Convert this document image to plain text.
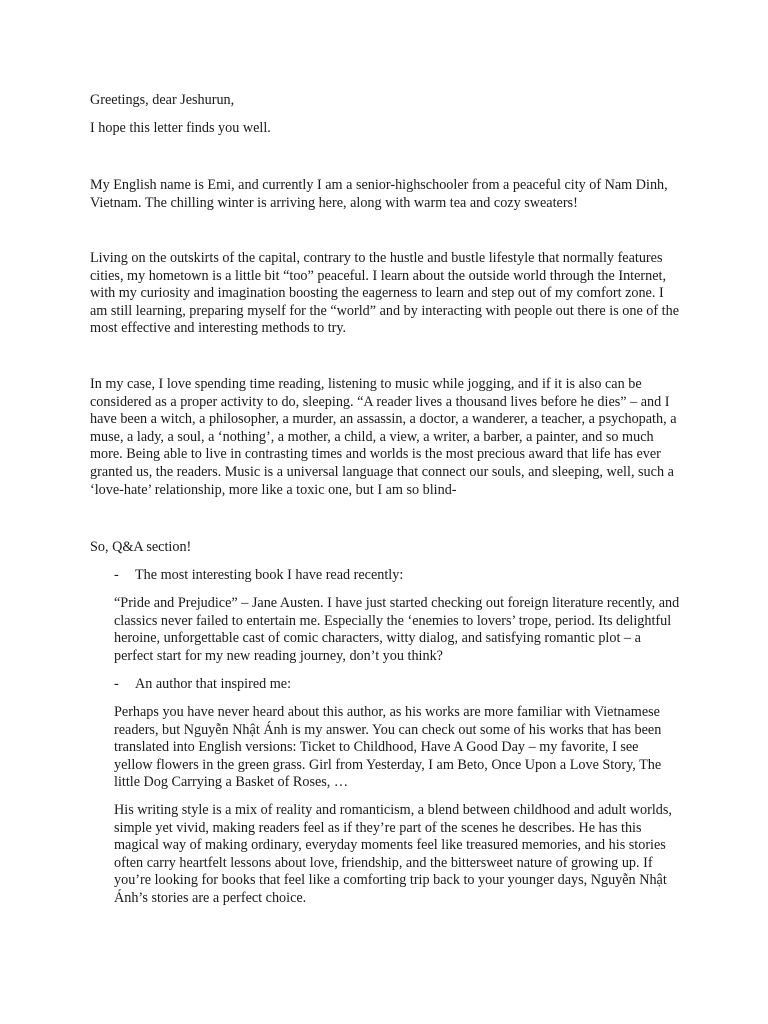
Greetings, dear Jeshurun,

I hope this letter finds you well.

My English name is Emi, and currently I am a senior-highschooler from a peaceful city of Nam Dinh, Vietnam. The chilling winter is arriving here, along with warm tea and cozy sweaters!

Living on the outskirts of the capital, contrary to the hustle and bustle lifestyle that normally features cities, my hometown is a little bit “too” peaceful. I learn about the outside world through the Internet, with my curiosity and imagination boosting the eagerness to learn and step out of my comfort zone. I am still learning, preparing myself for the “world” and by interacting with people out there is one of the most effective and interesting methods to try.

In my case, I love spending time reading, listening to music while jogging, and if it is also can be considered as a proper activity to do, sleeping. “A reader lives a thousand lives before he dies” – and I have been a witch, a philosopher, a murder, an assassin, a doctor, a wanderer, a teacher, a psychopath, a muse, a lady, a soul, a ‘nothing’, a mother, a child, a view, a writer, a barber, a painter, and so much more. Being able to live in contrasting times and worlds is the most precious award that life has ever granted us, the readers. Music is a universal language that connect our souls, and sleeping, well, such a ‘love-hate’ relationship, more like a toxic one, but I am so blind-

So, Q&A section!

-	The most interesting book I have read recently:

“Pride and Prejudice” – Jane Austen. I have just started checking out foreign literature recently, and classics never failed to entertain me. Especially the ‘enemies to lovers’ trope, period. Its delightful heroine, unforgettable cast of comic characters, witty dialog, and satisfying romantic plot – a perfect start for my new reading journey, don’t you think?

-	An author that inspired me:

Perhaps you have never heard about this author, as his works are more familiar with Vietnamese readers, but Nguyễn Nhật Ánh is my answer. You can check out some of his works that has been translated into English versions: Ticket to Childhood, Have A Good Day – my favorite, I see yellow flowers in the green grass. Girl from Yesterday, I am Beto, Once Upon a Love Story, The little Dog Carrying a Basket of Roses, …

His writing style is a mix of reality and romanticism, a blend between childhood and adult worlds, simple yet vivid, making readers feel as if they’re part of the scenes he describes. He has this magical way of making ordinary, everyday moments feel like treasured memories, and his stories often carry heartfelt lessons about love, friendship, and the bittersweet nature of growing up. If you’re looking for books that feel like a comforting trip back to your younger days, Nguyễn Nhật Ánh’s stories are a perfect choice.
